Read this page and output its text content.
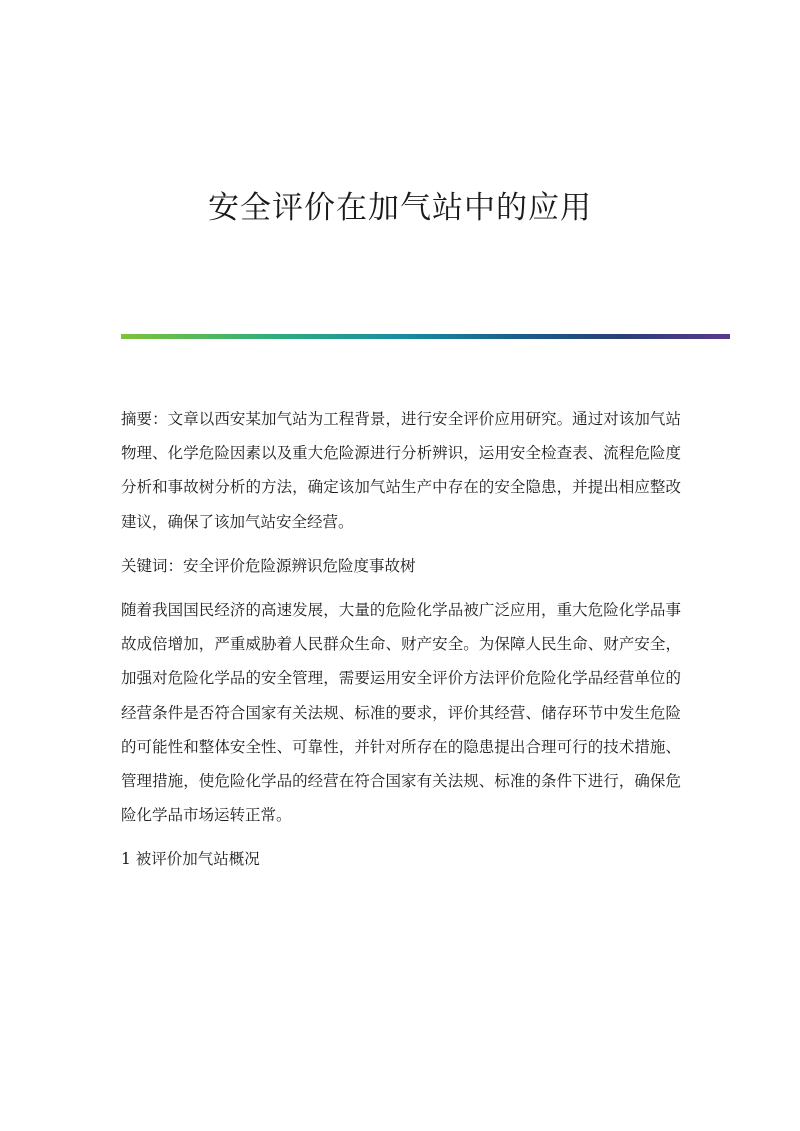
安全评价在加气站中的应用

摘要：文章以西安某加气站为工程背景，进行安全评价应用研究。通过对该加气站物理、化学危险因素以及重大危险源进行分析辨识，运用安全检查表、流程危险度分析和事故树分析的方法，确定该加气站生产中存在的安全隐患，并提出相应整改建议，确保了该加气站安全经营。

关键词：安全评价危险源辨识危险度事故树

随着我国国民经济的高速发展，大量的危险化学品被广泛应用，重大危险化学品事故成倍增加，严重威胁着人民群众生命、财产安全。为保障人民生命、财产安全，加强对危险化学品的安全管理，需要运用安全评价方法评价危险化学品经营单位的经营条件是否符合国家有关法规、标准的要求，评价其经营、储存环节中发生危险的可能性和整体安全性、可靠性，并针对所存在的隐患提出合理可行的技术措施、管理措施，使危险化学品的经营在符合国家有关法规、标准的条件下进行，确保危险化学品市场运转正常。

1 被评价加气站概况
